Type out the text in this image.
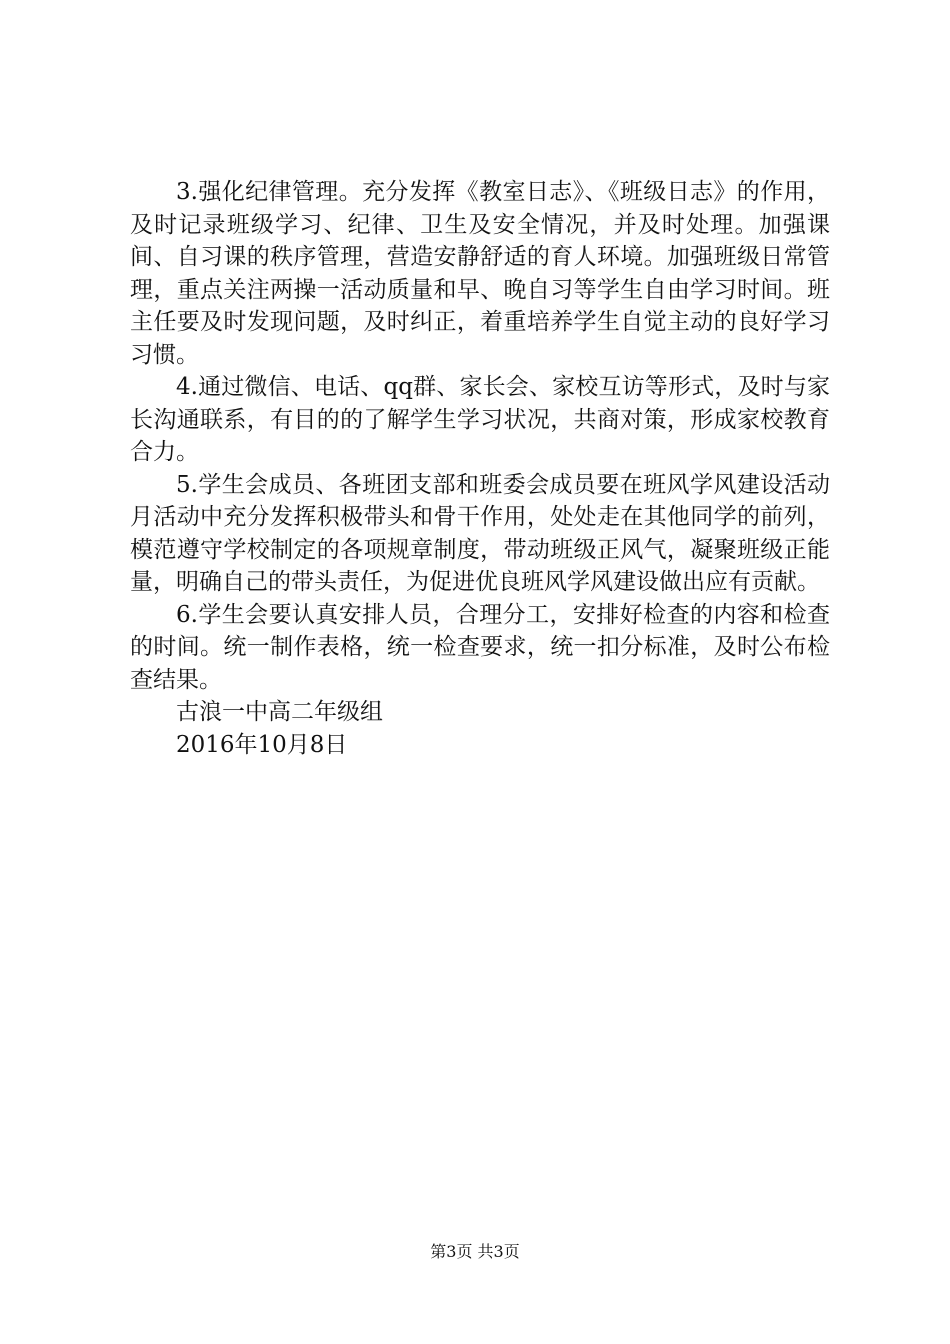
3.强化纪律管理。充分发挥《教室日志》、《班级日志》的作用，及时记录班级学习、纪律、卫生及安全情况，并及时处理。加强课间、自习课的秩序管理，营造安静舒适的育人环境。加强班级日常管理，重点关注两操一活动质量和早、晚自习等学生自由学习时间。班主任要及时发现问题，及时纠正，着重培养学生自觉主动的良好学习习惯。

4.通过微信、电话、qq群、家长会、家校互访等形式，及时与家长沟通联系，有目的的了解学生学习状况，共商对策，形成家校教育合力。

5.学生会成员、各班团支部和班委会成员要在班风学风建设活动月活动中充分发挥积极带头和骨干作用，处处走在其他同学的前列，模范遵守学校制定的各项规章制度，带动班级正风气，凝聚班级正能量，明确自己的带头责任，为促进优良班风学风建设做出应有贡献。

6.学生会要认真安排人员，合理分工，安排好检查的内容和检查的时间。统一制作表格，统一检查要求，统一扣分标准，及时公布检查结果。

古浪一中高二年级组

2016年10月8日

第3页 共3页
